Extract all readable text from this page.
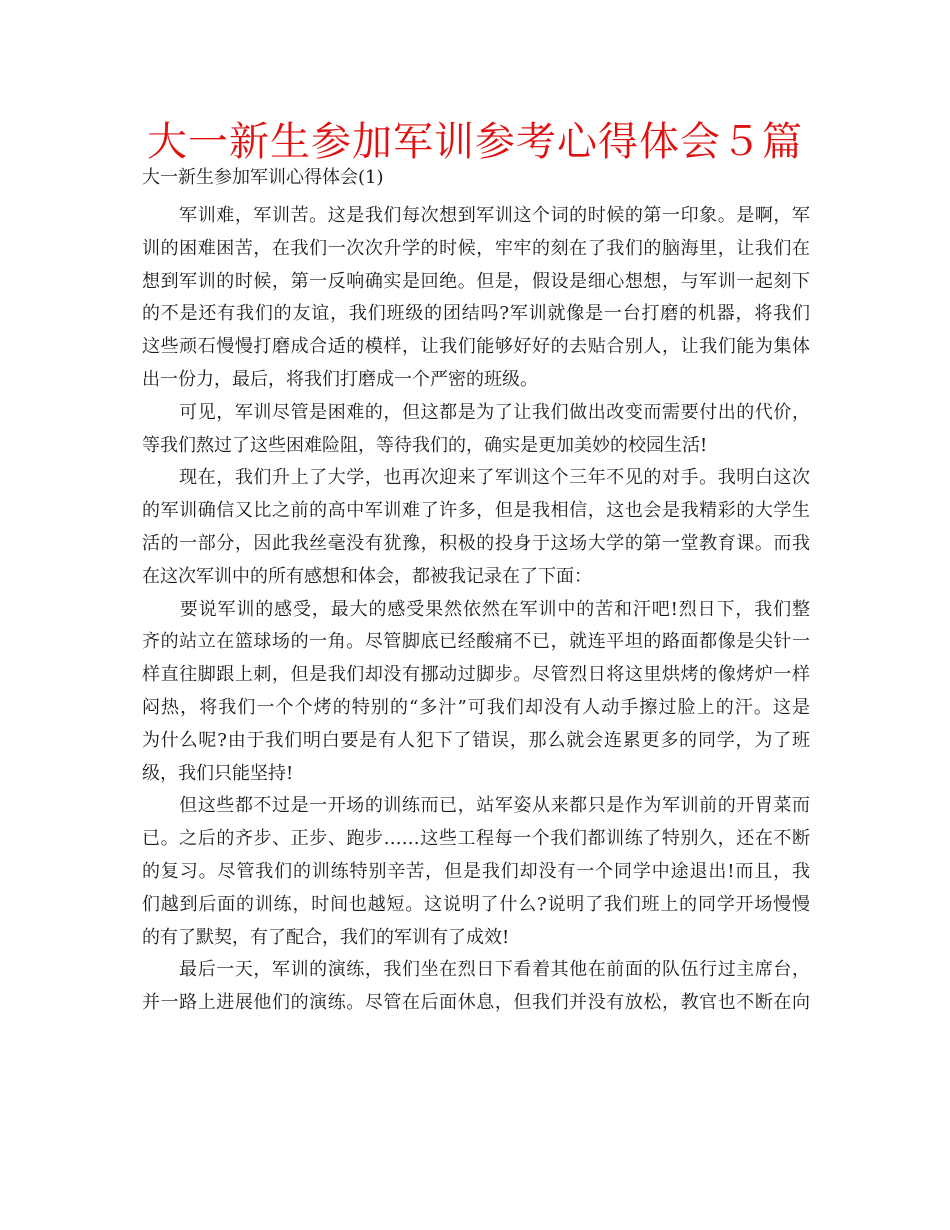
大一新生参加军训参考心得体会５篇
大一新生参加军训心得体会(1)

　　军训难，军训苦。这是我们每次想到军训这个词的时候的第一印象。是啊，军
训的困难困苦，在我们一次次升学的时候，牢牢的刻在了我们的脑海里，让我们在
想到军训的时候，第一反响确实是回绝。但是，假设是细心想想，与军训一起刻下
的不是还有我们的友谊，我们班级的团结吗?军训就像是一台打磨的机器，将我们
这些顽石慢慢打磨成合适的模样，让我们能够好好的去贴合别人，让我们能为集体
出一份力，最后，将我们打磨成一个严密的班级。

　　可见，军训尽管是困难的，但这都是为了让我们做出改变而需要付出的代价，
等我们熬过了这些困难险阻，等待我们的，确实是更加美妙的校园生活!

　　现在，我们升上了大学，也再次迎来了军训这个三年不见的对手。我明白这次
的军训确信又比之前的高中军训难了许多，但是我相信，这也会是我精彩的大学生
活的一部分，因此我丝毫没有犹豫，积极的投身于这场大学的第一堂教育课。而我
在这次军训中的所有感想和体会，都被我记录在了下面：

　　要说军训的感受，最大的感受果然依然在军训中的苦和汗吧!烈日下，我们整
齐的站立在篮球场的一角。尽管脚底已经酸痛不已，就连平坦的路面都像是尖针一
样直往脚跟上刺，但是我们却没有挪动过脚步。尽管烈日将这里烘烤的像烤炉一样
闷热，将我们一个个烤的特别的“多汁”可我们却没有人动手擦过脸上的汗。这是
为什么呢?由于我们明白要是有人犯下了错误，那么就会连累更多的同学，为了班
级，我们只能坚持!

　　但这些都不过是一开场的训练而已，站军姿从来都只是作为军训前的开胃菜而
已。之后的齐步、正步、跑步……这些工程每一个我们都训练了特别久，还在不断
的复习。尽管我们的训练特别辛苦，但是我们却没有一个同学中途退出!而且，我
们越到后面的训练，时间也越短。这说明了什么?说明了我们班上的同学开场慢慢
的有了默契，有了配合，我们的军训有了成效!

　　最后一天，军训的演练，我们坐在烈日下看着其他在前面的队伍行过主席台，
并一路上进展他们的演练。尽管在后面休息，但我们并没有放松，教官也不断在向
